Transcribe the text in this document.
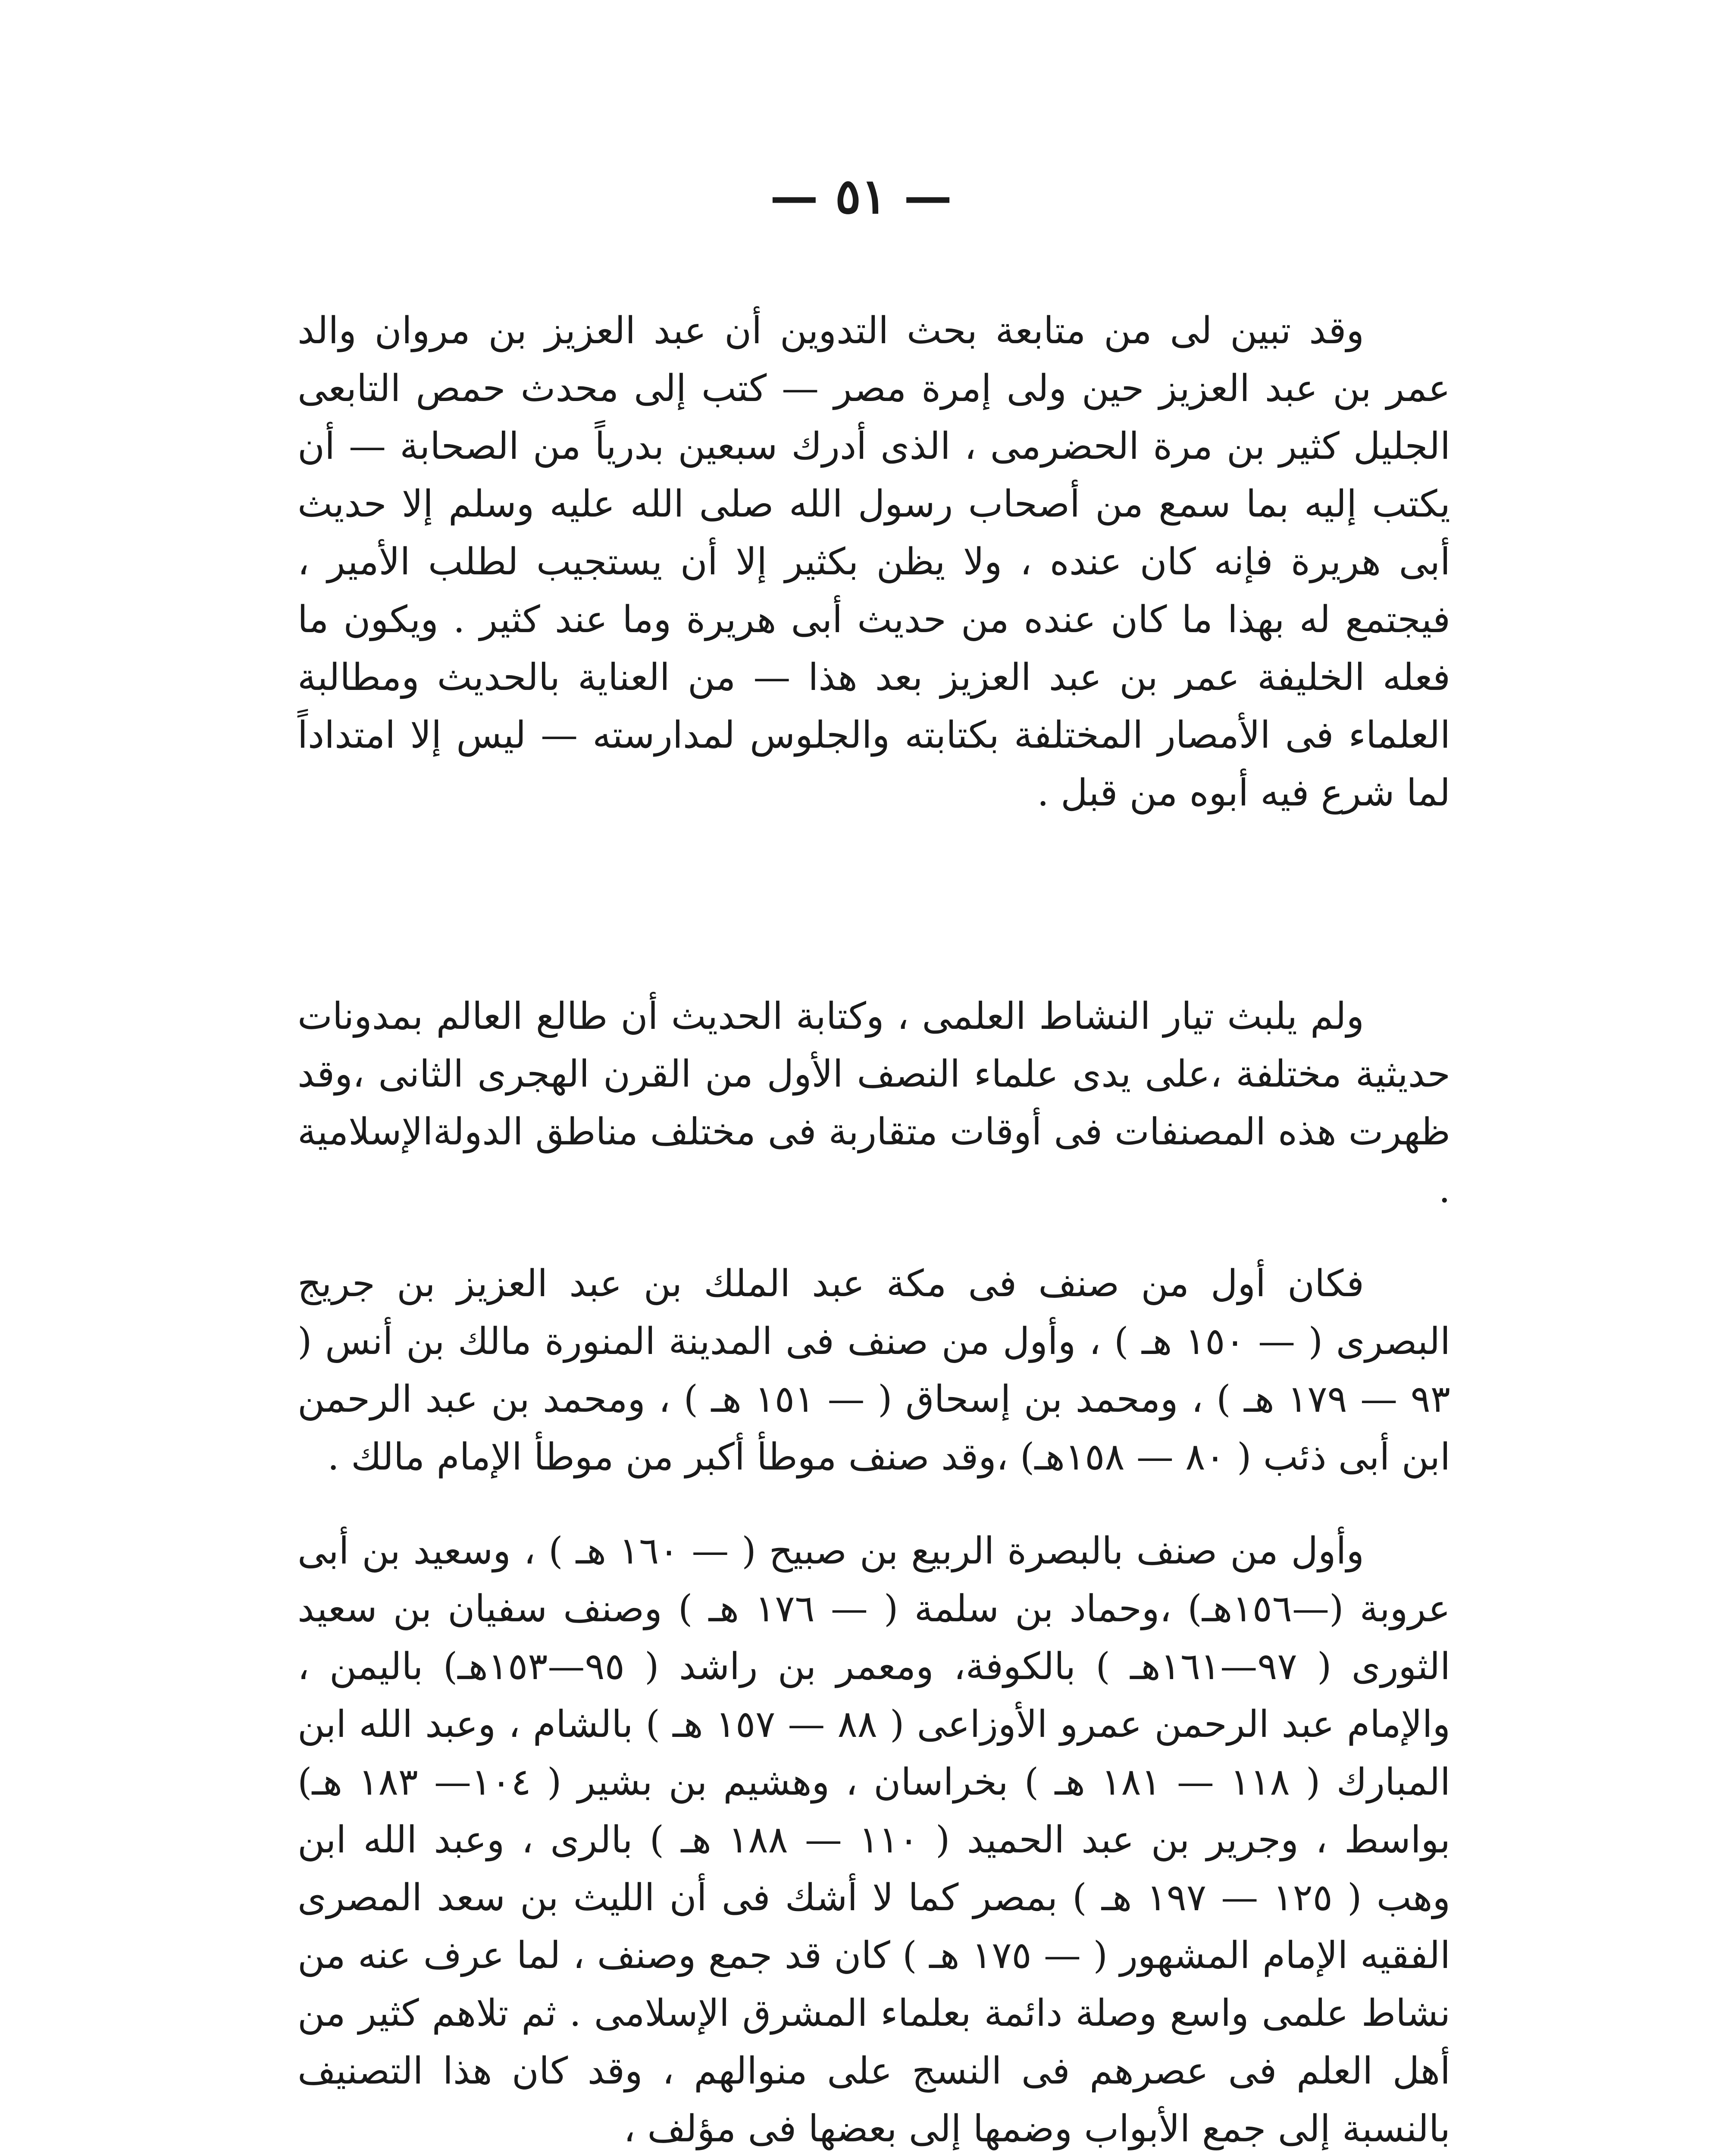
— ٥١ —

وقد تبين لى من متابعة بحث التدوين أن عبد العزيز بن مروان والد عمر بن عبد العزيز حين ولى إمرة مصر — كتب إلى محدث حمص التابعى الجليل كثير بن مرة الحضرمى ، الذى أدرك سبعين بدرياً من الصحابة — أن يكتب إليه بما سمع من أصحاب رسول الله صلى الله عليه وسلم إلا حديث أبى هريرة فإنه كان عنده ، ولا يظن بكثير إلا أن يستجيب لطلب الأمير ، فيجتمع له بهذا ما كان عنده من حديث أبى هريرة وما عند كثير . ويكون ما فعله الخليفة عمر بن عبد العزيز بعد هذا — من العناية بالحديث ومطالبة العلماء فى الأمصار المختلفة بكتابته والجلوس لمدارسته — ليس إلا امتداداً لما شرع فيه أبوه من قبل .

ولم يلبث تيار النشاط العلمى ، وكتابة الحديث أن طالع العالم بمدونات حديثية مختلفة ،على يدى علماء النصف الأول من القرن الهجرى الثانى ،وقد ظهرت هذه المصنفات فى أوقات متقاربة فى مختلف مناطق الدولةالإسلامية .

فكان أول من صنف فى مكة عبد الملك بن عبد العزيز بن جريج البصرى ( — ١٥٠ هـ ) ، وأول من صنف فى المدينة المنورة مالك بن أنس ( ٩٣ — ١٧٩ هـ ) ، ومحمد بن إسحاق ( — ١٥١ هـ ) ، ومحمد بن عبد الرحمن ابن أبى ذئب ( ٨٠ — ١٥٨هـ) ،وقد صنف موطأ أكبر من موطأ الإمام مالك .

وأول من صنف بالبصرة الربيع بن صبيح ( — ١٦٠ هـ ) ، وسعيد بن أبى عروبة (—١٥٦هـ) ،وحماد بن سلمة ( — ١٧٦ هـ ) وصنف سفيان بن سعيد الثورى ( ٩٧—١٦١هـ ) بالكوفة، ومعمر بن راشد ( ٩٥—١٥٣هـ) باليمن ، والإمام عبد الرحمن عمرو الأوزاعى ( ٨٨ — ١٥٧ هـ ) بالشام ، وعبد الله ابن المبارك ( ١١٨ — ١٨١ هـ ) بخراسان ، وهشيم بن بشير ( ١٠٤— ١٨٣ هـ) بواسط ، وجرير بن عبد الحميد ( ١١٠ — ١٨٨ هـ ) بالرى ، وعبد الله ابن وهب ( ١٢٥ — ١٩٧ هـ ) بمصر كما لا أشك فى أن الليث بن سعد المصرى الفقيه الإمام المشهور ( — ١٧٥ هـ ) كان قد جمع وصنف ، لما عرف عنه من نشاط علمى واسع وصلة دائمة بعلماء المشرق الإسلامى . ثم تلاهم كثير من أهل العلم فى عصرهم فى النسج على منوالهم ، وقد كان هذا التصنيف بالنسبة إلى جمع الأبواب وضمها إلى بعضها فى مؤلف ،
